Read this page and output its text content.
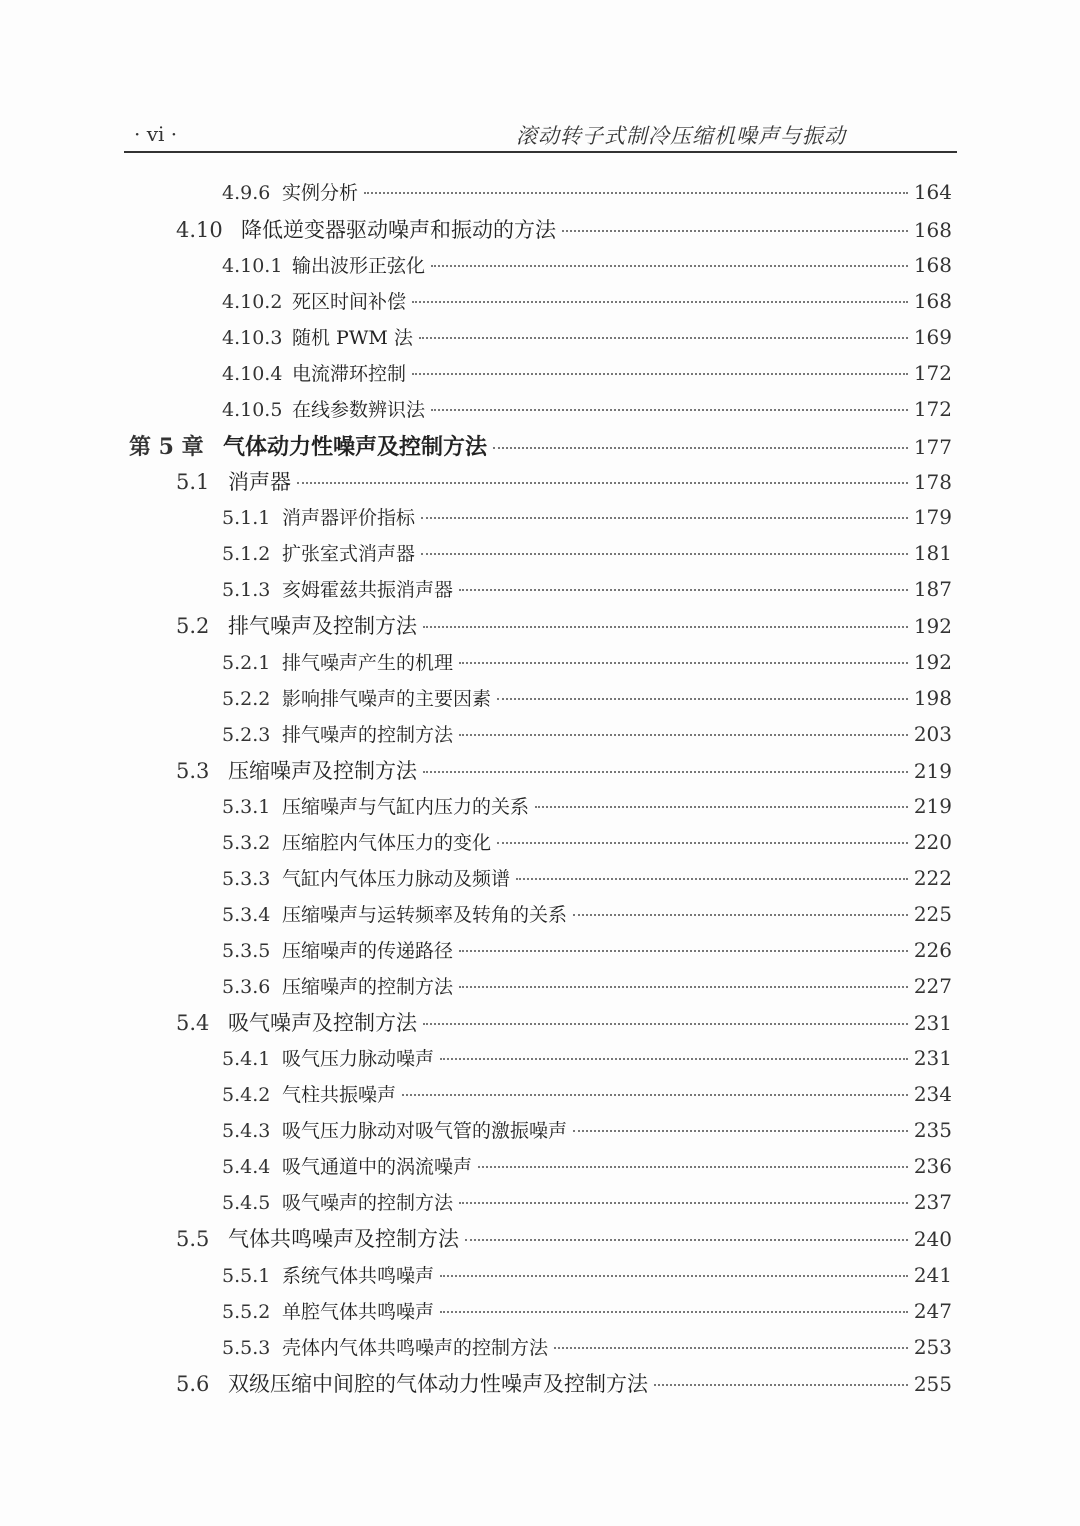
· vi ·	滚动转子式制冷压缩机噪声与振动
4.9.6 实例分析	164
4.10 降低逆变器驱动噪声和振动的方法	168
4.10.1 输出波形正弦化	168
4.10.2 死区时间补偿	168
4.10.3 随机 PWM 法	169
4.10.4 电流滞环控制	172
4.10.5 在线参数辨识法	172
第 5 章 气体动力性噪声及控制方法	177
5.1 消声器	178
5.1.1 消声器评价指标	179
5.1.2 扩张室式消声器	181
5.1.3 亥姆霍兹共振消声器	187
5.2 排气噪声及控制方法	192
5.2.1 排气噪声产生的机理	192
5.2.2 影响排气噪声的主要因素	198
5.2.3 排气噪声的控制方法	203
5.3 压缩噪声及控制方法	219
5.3.1 压缩噪声与气缸内压力的关系	219
5.3.2 压缩腔内气体压力的变化	220
5.3.3 气缸内气体压力脉动及频谱	222
5.3.4 压缩噪声与运转频率及转角的关系	225
5.3.5 压缩噪声的传递路径	226
5.3.6 压缩噪声的控制方法	227
5.4 吸气噪声及控制方法	231
5.4.1 吸气压力脉动噪声	231
5.4.2 气柱共振噪声	234
5.4.3 吸气压力脉动对吸气管的激振噪声	235
5.4.4 吸气通道中的涡流噪声	236
5.4.5 吸气噪声的控制方法	237
5.5 气体共鸣噪声及控制方法	240
5.5.1 系统气体共鸣噪声	241
5.5.2 单腔气体共鸣噪声	247
5.5.3 壳体内气体共鸣噪声的控制方法	253
5.6 双级压缩中间腔的气体动力性噪声及控制方法	255
